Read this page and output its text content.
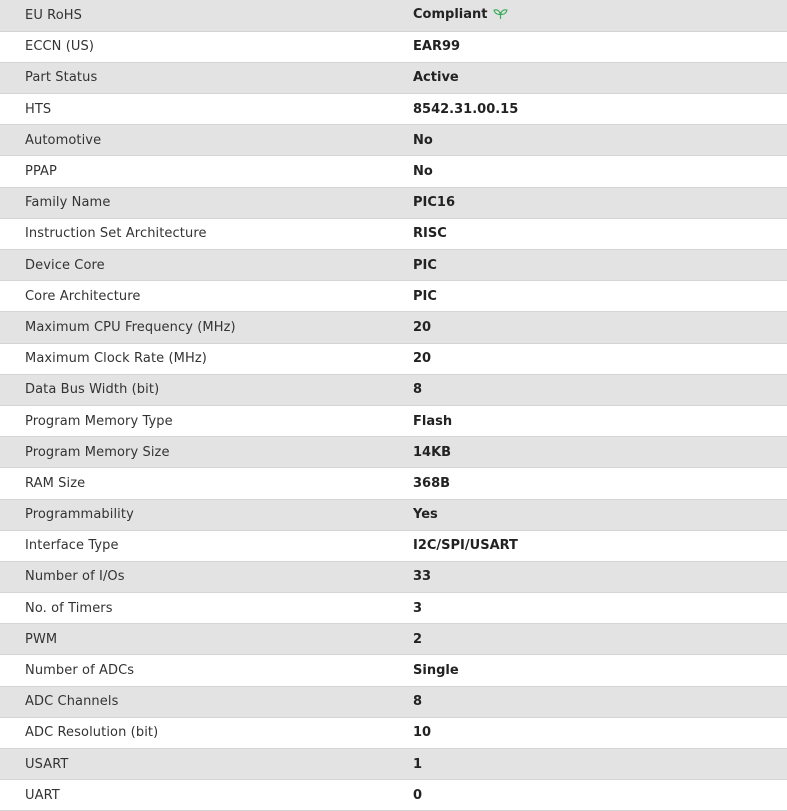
EU RoHS	Compliant
ECCN (US)	EAR99
Part Status	Active
HTS	8542.31.00.15
Automotive	No
PPAP	No
Family Name	PIC16
Instruction Set Architecture	RISC
Device Core	PIC
Core Architecture	PIC
Maximum CPU Frequency (MHz)	20
Maximum Clock Rate (MHz)	20
Data Bus Width (bit)	8
Program Memory Type	Flash
Program Memory Size	14KB
RAM Size	368B
Programmability	Yes
Interface Type	I2C/SPI/USART
Number of I/Os	33
No. of Timers	3
PWM	2
Number of ADCs	Single
ADC Channels	8
ADC Resolution (bit)	10
USART	1
UART	0
